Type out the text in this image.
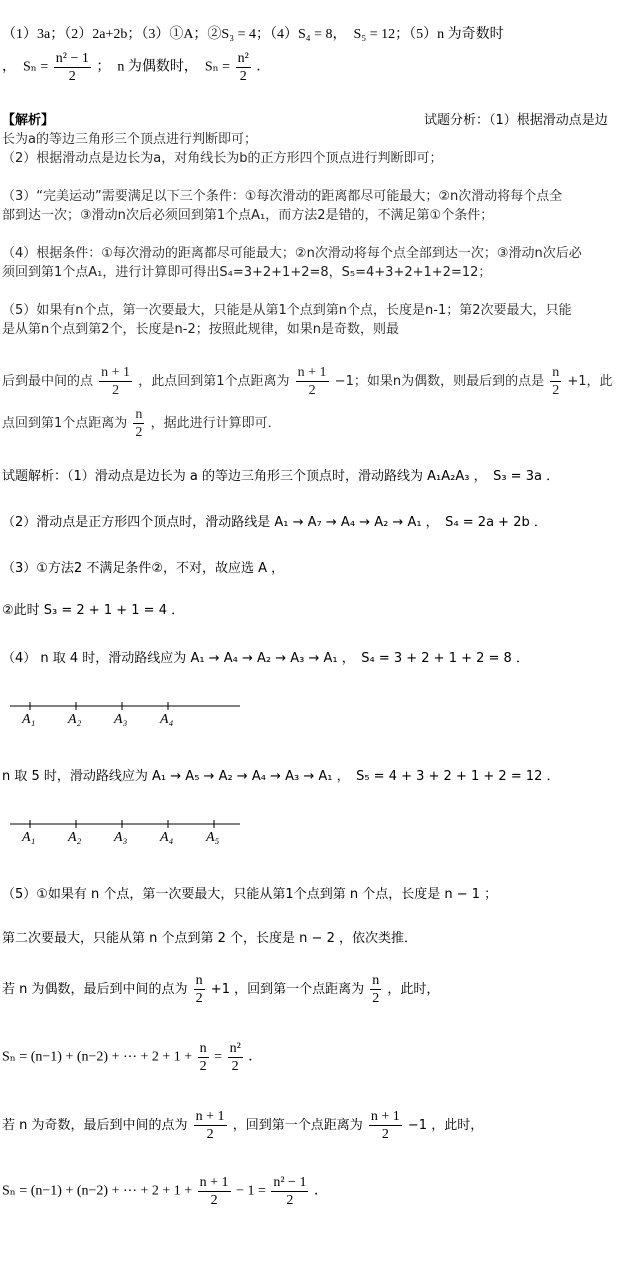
（1）3a；（2）2a+2b；（3）①A；②S₃ = 4；（4）S₄ = 8，　S₅ = 12；（5）n 为奇数时
，　$S_n = \frac{\text{n² − 1}}{2}$ ；　n 为偶数时，　$S_n = \frac{\text{n²}}{2}$ ．
【解析】	试题分析：（1）根据滑动点是边
长为a的等边三角形三个顶点进行判断即可；
（2）根据滑动点是边长为a，对角线长为b的正方形四个顶点进行判断即可；
（3）“完美运动”需要满足以下三个条件：①每次滑动的距离都尽可能最大；②n次滑动将每个点全
部到达一次；③滑动n次后必须回到第1个点A₁，而方法2是错的，不满足第①个条件；
（4）根据条件：①每次滑动的距离都尽可能最大；②n次滑动将每个点全部到达一次；③滑动n次后必
须回到第1个点A₁，进行计算即可得出S₄=3+2+1+2=8，S₅=4+3+2+1+2=12；
（5）如果有n个点，第一次要最大，只能是从第1个点到第n个点，长度是n-1；第2次要最大，只能
是从第n个点到第2个，长度是n-2；按照此规律，如果n是奇数，则最
后到最中间的点 $\frac{n + 1}{2}$ ，此点回到第1个点距离为 $\frac{n + 1}{2} -1$；如果n为偶数，则最后到的点是 $\frac{n}{2} +1$，此
点回到第1个点距离为 $\frac{n}{2}$ ，据此进行计算即可．
试题解析：（1）滑动点是边长为 a 的等边三角形三个顶点时，滑动路线为 A₁A₂A₃ ，　S₃ = 3a ．
（2）滑动点是正方形四个顶点时，滑动路线是 A₁ → A₇ → A₄ → A₂ → A₁ ，　S₄ = 2a + 2b ．
（3）①方法2 不满足条件②，不对，故应选 A ，
②此时 S₃ = 2 + 1 + 1 = 4 ．
（4） n 取 4 时，滑动路线应为 A₁ → A₄ → A₂ → A₃ → A₁ ，　S₄ = 3 + 2 + 1 + 2 = 8 ．
A₁ A₂ A₃ A₄
n 取 5 时，滑动路线应为 A₁ → A₅ → A₂ → A₄ → A₃ → A₁ ，　S₅ = 4 + 3 + 2 + 1 + 2 = 12 ．
A₁ A₂ A₃ A₄ A₅
（5）①如果有 n 个点，第一次要最大，只能从第1个点到第 n 个点，长度是 n − 1 ；
第二次要最大，只能从第 n 个点到第 2 个，长度是 n − 2 ，依次类推．
若 n 为偶数，最后到中间的点为 $\frac{n}{2} +1$ ，回到第一个点距离为 $\frac{n}{2}$ ，此时，
Sₙ = (n−1) + (n−2) + ⋯ + $2 + 1 + \frac{n}{2} = \frac{\text{n²}}{2}$ ．
若 n 为奇数，最后到中间的点为 $\frac{n + 1}{2}$ ，回到第一个点距离为 $\frac{n + 1}{2} -1$ ，此时，
Sₙ = (n−1) + (n−2) + ⋯ + $2 + 1 + \frac{n + 1}{2} - 1 = \frac{\text{n² − 1}}{2}$ ．
